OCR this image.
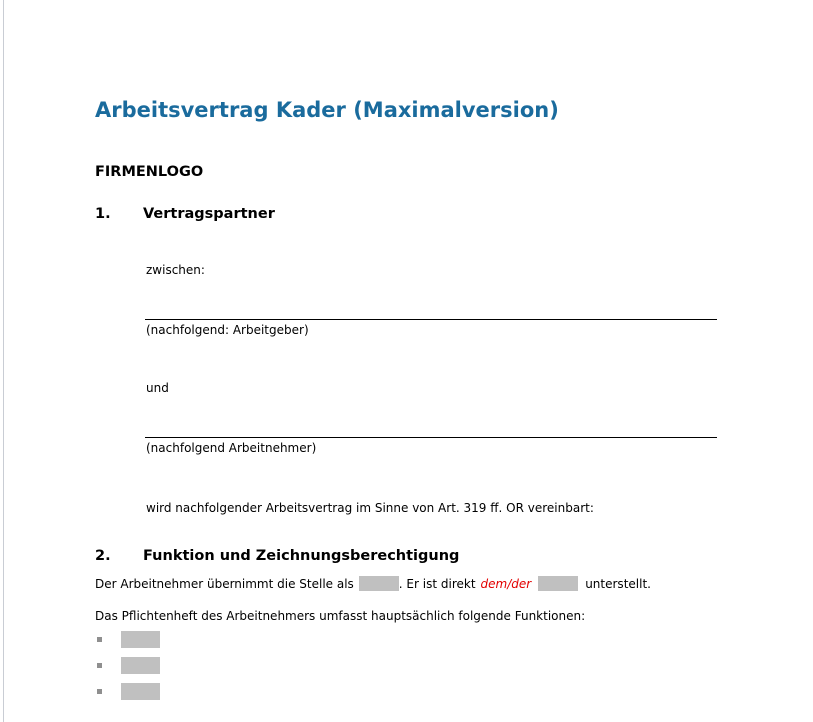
Arbeitsvertrag Kader (Maximalversion)
FIRMENLOGO
1. Vertragspartner
zwischen:
(nachfolgend: Arbeitgeber)
und
(nachfolgend Arbeitnehmer)
wird nachfolgender Arbeitsvertrag im Sinne von Art. 319 ff. OR vereinbart:
2. Funktion und Zeichnungsberechtigung
Der Arbeitnehmer übernimmt die Stelle als	. Er ist direkt dem/der	unterstellt.
Das Pflichtenheft des Arbeitnehmers umfasst hauptsächlich folgende Funktionen:
